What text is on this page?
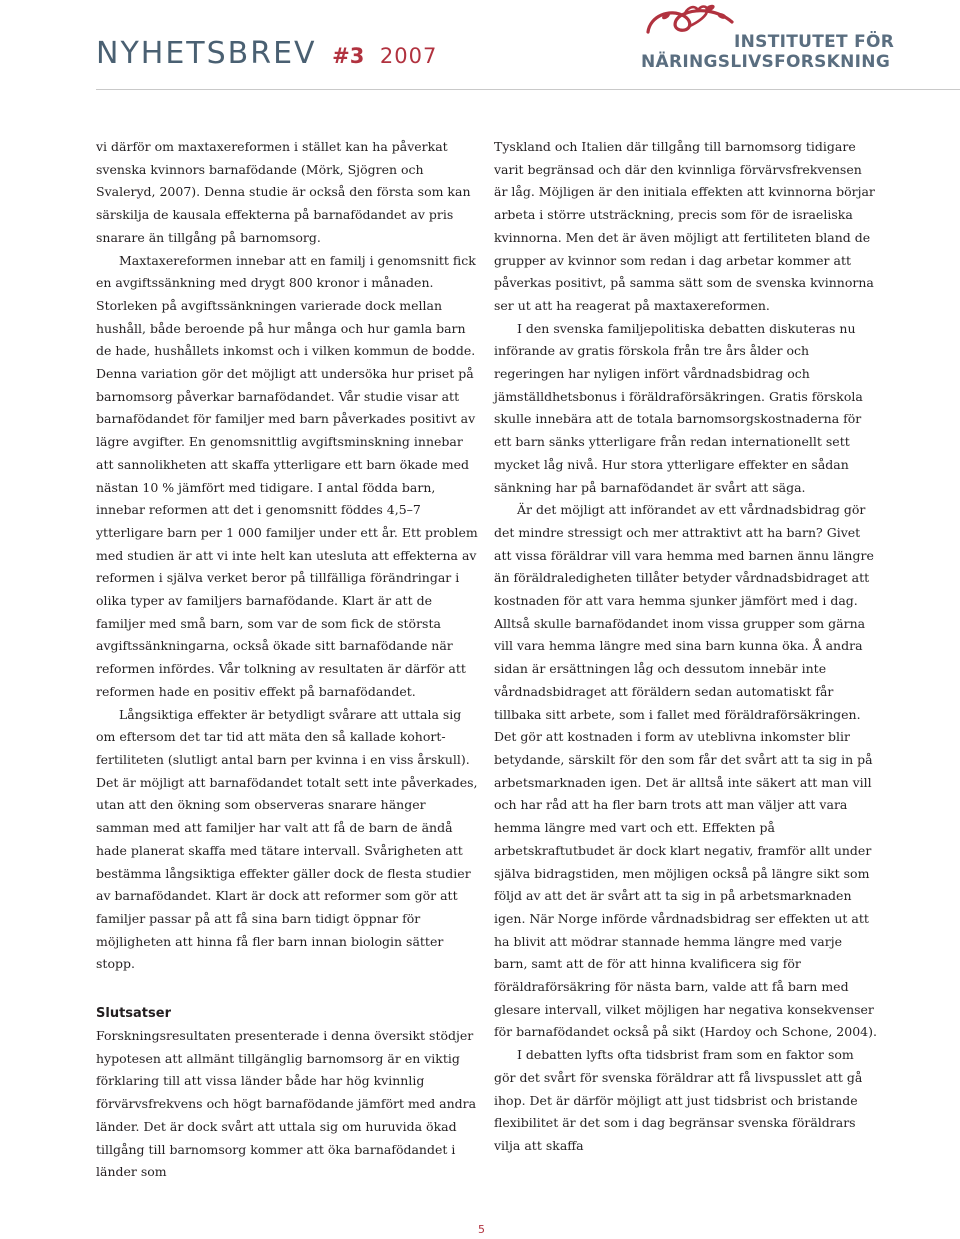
NYHETSBREV #3 2007
INSTITUTET FÖR
NÄRINGSLIVSFORSKNING

vi därför om maxtaxereformen i stället kan ha påverkat svenska kvinnors barnafödande (Mörk, Sjögren och Svaleryd, 2007). Denna studie är också den första som kan särskilja de kausala effekterna på barnafödandet av pris snarare än tillgång på barnomsorg.

Maxtaxereformen innebar att en familj i genomsnitt fick en avgiftssänkning med drygt 800 kronor i månaden. Storleken på avgiftssänkningen varierade dock mellan hushåll, både beroende på hur många och hur gamla barn de hade, hushållets inkomst och i vilken kommun de bodde. Denna variation gör det möjligt att undersöka hur priset på barnomsorg påverkar barnafödandet. Vår studie visar att barnafödandet för familjer med barn påverkades positivt av lägre avgifter. En genomsnittlig avgiftsminskning innebar att sannolikheten att skaffa ytterligare ett barn ökade med nästan 10 % jämfört med tidigare. I antal födda barn, innebar reformen att det i genomsnitt föddes 4,5–7 ytterligare barn per 1 000 familjer under ett år. Ett problem med studien är att vi inte helt kan utesluta att effekterna av reformen i själva verket beror på tillfälliga förändringar i olika typer av familjers barnafödande. Klart är att de familjer med små barn, som var de som fick de största avgiftssänkningarna, också ökade sitt barnafödande när reformen infördes. Vår tolkning av resultaten är därför att reformen hade en positiv effekt på barnafödandet.

Långsiktiga effekter är betydligt svårare att uttala sig om eftersom det tar tid att mäta den så kallade kohort-fertiliteten (slutligt antal barn per kvinna i en viss årskull). Det är möjligt att barnafödandet totalt sett inte påverkades, utan att den ökning som observeras snarare hänger samman med att familjer har valt att få de barn de ändå hade planerat skaffa med tätare intervall. Svårigheten att bestämma långsiktiga effekter gäller dock de flesta studier av barnafödandet. Klart är dock att reformer som gör att familjer passar på att få sina barn tidigt öppnar för möjligheten att hinna få fler barn innan biologin sätter stopp.

Slutsatser

Forskningsresultaten presenterade i denna översikt stödjer hypotesen att allmänt tillgänglig barnomsorg är en viktig förklaring till att vissa länder både har hög kvinnlig förvärvsfrekvens och högt barnafödande jämfört med andra länder. Det är dock svårt att uttala sig om huruvida ökad tillgång till barnomsorg kommer att öka barnafödandet i länder som

Tyskland och Italien där tillgång till barnomsorg tidigare varit begränsad och där den kvinnliga förvärvsfrekvensen är låg. Möjligen är den initiala effekten att kvinnorna börjar arbeta i större utsträckning, precis som för de israeliska kvinnorna. Men det är även möjligt att fertiliteten bland de grupper av kvinnor som redan i dag arbetar kommer att påverkas positivt, på samma sätt som de svenska kvinnorna ser ut att ha reagerat på maxtaxereformen.

I den svenska familjepolitiska debatten diskuteras nu införande av gratis förskola från tre års ålder och regeringen har nyligen infört vårdnadsbidrag och jämställdhetsbonus i föräldraförsäkringen. Gratis förskola skulle innebära att de totala barnomsorgskostnaderna för ett barn sänks ytterligare från redan internationellt sett mycket låg nivå. Hur stora ytterligare effekter en sådan sänkning har på barnafödandet är svårt att säga.

Är det möjligt att införandet av ett vårdnadsbidrag gör det mindre stressigt och mer attraktivt att ha barn? Givet att vissa föräldrar vill vara hemma med barnen ännu längre än föräldraledigheten tillåter betyder vårdnadsbidraget att kostnaden för att vara hemma sjunker jämfört med i dag. Alltså skulle barnafödandet inom vissa grupper som gärna vill vara hemma längre med sina barn kunna öka. Å andra sidan är ersättningen låg och dessutom innebär inte vårdnadsbidraget att föräldern sedan automatiskt får tillbaka sitt arbete, som i fallet med föräldraförsäkringen. Det gör att kostnaden i form av uteblivna inkomster blir betydande, särskilt för den som får det svårt att ta sig in på arbetsmarknaden igen. Det är alltså inte säkert att man vill och har råd att ha fler barn trots att man väljer att vara hemma längre med vart och ett. Effekten på arbetskraftutbudet är dock klart negativ, framför allt under själva bidragstiden, men möjligen också på längre sikt som följd av att det är svårt att ta sig in på arbetsmarknaden igen. När Norge införde vårdnadsbidrag ser effekten ut att ha blivit att mödrar stannade hemma längre med varje barn, samt att de för att hinna kvalificera sig för föräldraförsäkring för nästa barn, valde att få barn med glesare intervall, vilket möjligen har negativa konsekvenser för barnafödandet också på sikt (Hardoy och Schone, 2004).

I debatten lyfts ofta tidsbrist fram som en faktor som gör det svårt för svenska föräldrar att få livspusslet att gå ihop. Det är därför möjligt att just tidsbrist och bristande flexibilitet är det som i dag begränsar svenska föräldrars vilja att skaffa

5
